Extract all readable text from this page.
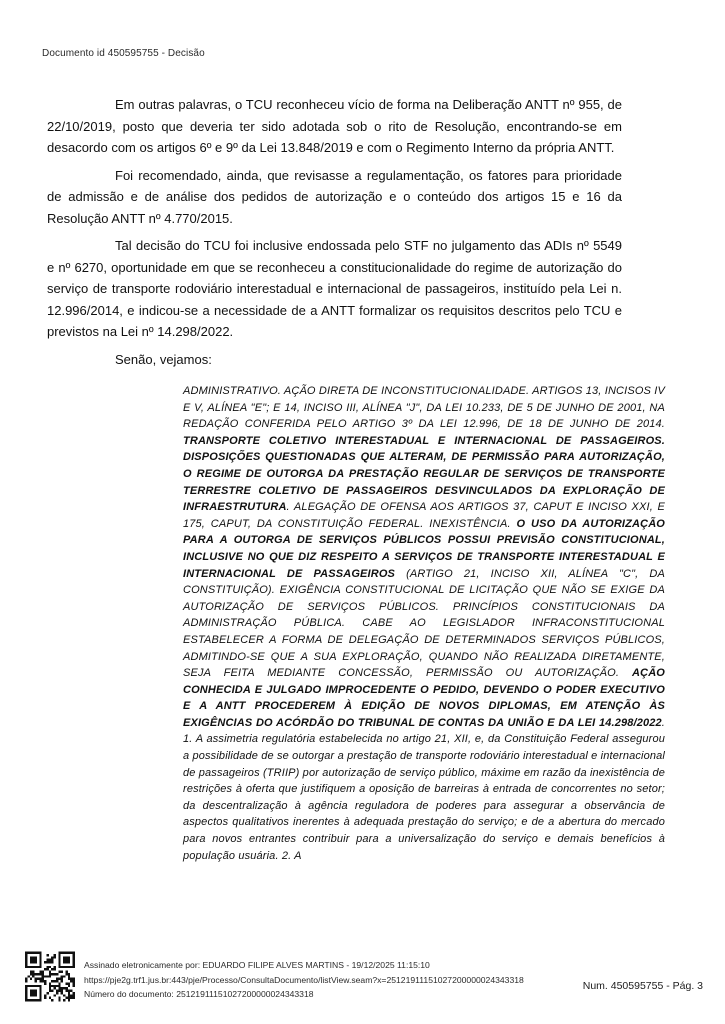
Documento id 450595755 - Decisão

Em outras palavras, o TCU reconheceu vício de forma na Deliberação ANTT nº 955, de 22/10/2019, posto que deveria ter sido adotada sob o rito de Resolução, encontrando-se em desacordo com os artigos 6º e 9º da Lei 13.848/2019 e com o Regimento Interno da própria ANTT.

Foi recomendado, ainda, que revisasse a regulamentação, os fatores para prioridade de admissão e de análise dos pedidos de autorização e o conteúdo dos artigos 15 e 16 da Resolução ANTT nº 4.770/2015.

Tal decisão do TCU foi inclusive endossada pelo STF no julgamento das ADIs nº 5549 e nº 6270, oportunidade em que se reconheceu a constitucionalidade do regime de autorização do serviço de transporte rodoviário interestadual e internacional de passageiros, instituído pela Lei n. 12.996/2014, e indicou-se a necessidade de a ANTT formalizar os requisitos descritos pelo TCU e previstos na Lei nº 14.298/2022.

Senão, vejamos:

ADMINISTRATIVO. AÇÃO DIRETA DE INCONSTITUCIONALIDADE. ARTIGOS 13, INCISOS IV E V, ALÍNEA "E"; E 14, INCISO III, ALÍNEA "J", DA LEI 10.233, DE 5 DE JUNHO DE 2001, NA REDAÇÃO CONFERIDA PELO ARTIGO 3º DA LEI 12.996, DE 18 DE JUNHO DE 2014. TRANSPORTE COLETIVO INTERESTADUAL E INTERNACIONAL DE PASSAGEIROS. DISPOSIÇÕES QUESTIONADAS QUE ALTERAM, DE PERMISSÃO PARA AUTORIZAÇÃO, O REGIME DE OUTORGA DA PRESTAÇÃO REGULAR DE SERVIÇOS DE TRANSPORTE TERRESTRE COLETIVO DE PASSAGEIROS DESVINCULADOS DA EXPLORAÇÃO DE INFRAESTRUTURA. ALEGAÇÃO DE OFENSA AOS ARTIGOS 37, CAPUT E INCISO XXI, E 175, CAPUT, DA CONSTITUIÇÃO FEDERAL. INEXISTÊNCIA. O USO DA AUTORIZAÇÃO PARA A OUTORGA DE SERVIÇOS PÚBLICOS POSSUI PREVISÃO CONSTITUCIONAL, INCLUSIVE NO QUE DIZ RESPEITO A SERVIÇOS DE TRANSPORTE INTERESTADUAL E INTERNACIONAL DE PASSAGEIROS (ARTIGO 21, INCISO XII, ALÍNEA "C", DA CONSTITUIÇÃO). EXIGÊNCIA CONSTITUCIONAL DE LICITAÇÃO QUE NÃO SE EXIGE DA AUTORIZAÇÃO DE SERVIÇOS PÚBLICOS. PRINCÍPIOS CONSTITUCIONAIS DA ADMINISTRAÇÃO PÚBLICA. CABE AO LEGISLADOR INFRACONSTITUCIONAL ESTABELECER A FORMA DE DELEGAÇÃO DE DETERMINADOS SERVIÇOS PÚBLICOS, ADMITINDO-SE QUE A SUA EXPLORAÇÃO, QUANDO NÃO REALIZADA DIRETAMENTE, SEJA FEITA MEDIANTE CONCESSÃO, PERMISSÃO OU AUTORIZAÇÃO. AÇÃO CONHECIDA E JULGADO IMPROCEDENTE O PEDIDO, DEVENDO O PODER EXECUTIVO E A ANTT PROCEDEREM À EDIÇÃO DE NOVOS DIPLOMAS, EM ATENÇÃO ÀS EXIGÊNCIAS DO ACÓRDÃO DO TRIBUNAL DE CONTAS DA UNIÃO E DA LEI 14.298/2022. 1. A assimetria regulatória estabelecida no artigo 21, XII, e, da Constituição Federal assegurou a possibilidade de se outorgar a prestação de transporte rodoviário interestadual e internacional de passageiros (TRIIP) por autorização de serviço público, máxime em razão da inexistência de restrições à oferta que justifiquem a oposição de barreiras à entrada de concorrentes no setor; da descentralização à agência reguladora de poderes para assegurar a observância de aspectos qualitativos inerentes à adequada prestação do serviço; e de a abertura do mercado para novos entrantes contribuir para a universalização do serviço e demais benefícios à população usuária. 2. A
Assinado eletronicamente por: EDUARDO FILIPE ALVES MARTINS - 19/12/2025 11:15:10
https://pje2g.trf1.jus.br:443/pje/Processo/ConsultaDocumento/listView.seam?x=25121911151027200000024343318
Número do documento: 25121911151027200000024343318
Num. 450595755 - Pág. 3
